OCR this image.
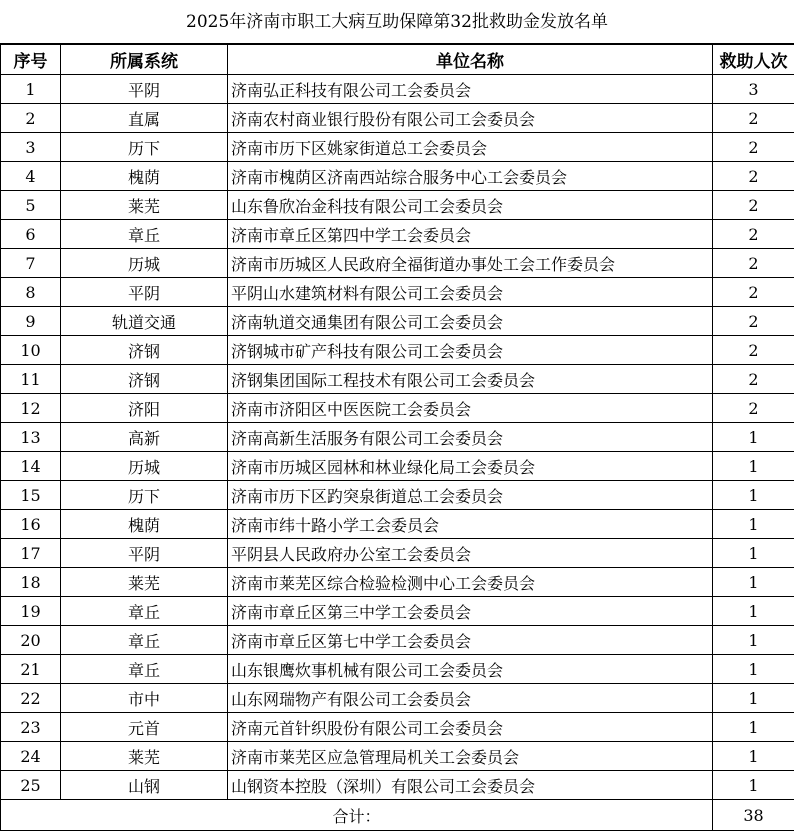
2025年济南市职工大病互助保障第32批救助金发放名单
序号	所属系统	单位名称	救助人次
1	平阴	济南弘正科技有限公司工会委员会	3
2	直属	济南农村商业银行股份有限公司工会委员会	2
3	历下	济南市历下区姚家街道总工会委员会	2
4	槐荫	济南市槐荫区济南西站综合服务中心工会委员会	2
5	莱芜	山东鲁欣冶金科技有限公司工会委员会	2
6	章丘	济南市章丘区第四中学工会委员会	2
7	历城	济南市历城区人民政府全福街道办事处工会工作委员会	2
8	平阴	平阴山水建筑材料有限公司工会委员会	2
9	轨道交通	济南轨道交通集团有限公司工会委员会	2
10	济钢	济钢城市矿产科技有限公司工会委员会	2
11	济钢	济钢集团国际工程技术有限公司工会委员会	2
12	济阳	济南市济阳区中医医院工会委员会	2
13	高新	济南高新生活服务有限公司工会委员会	1
14	历城	济南市历城区园林和林业绿化局工会委员会	1
15	历下	济南市历下区趵突泉街道总工会委员会	1
16	槐荫	济南市纬十路小学工会委员会	1
17	平阴	平阴县人民政府办公室工会委员会	1
18	莱芜	济南市莱芜区综合检验检测中心工会委员会	1
19	章丘	济南市章丘区第三中学工会委员会	1
20	章丘	济南市章丘区第七中学工会委员会	1
21	章丘	山东银鹰炊事机械有限公司工会委员会	1
22	市中	山东网瑞物产有限公司工会委员会	1
23	元首	济南元首针织股份有限公司工会委员会	1
24	莱芜	济南市莱芜区应急管理局机关工会委员会	1
25	山钢	山钢资本控股（深圳）有限公司工会委员会	1
合计：			38
